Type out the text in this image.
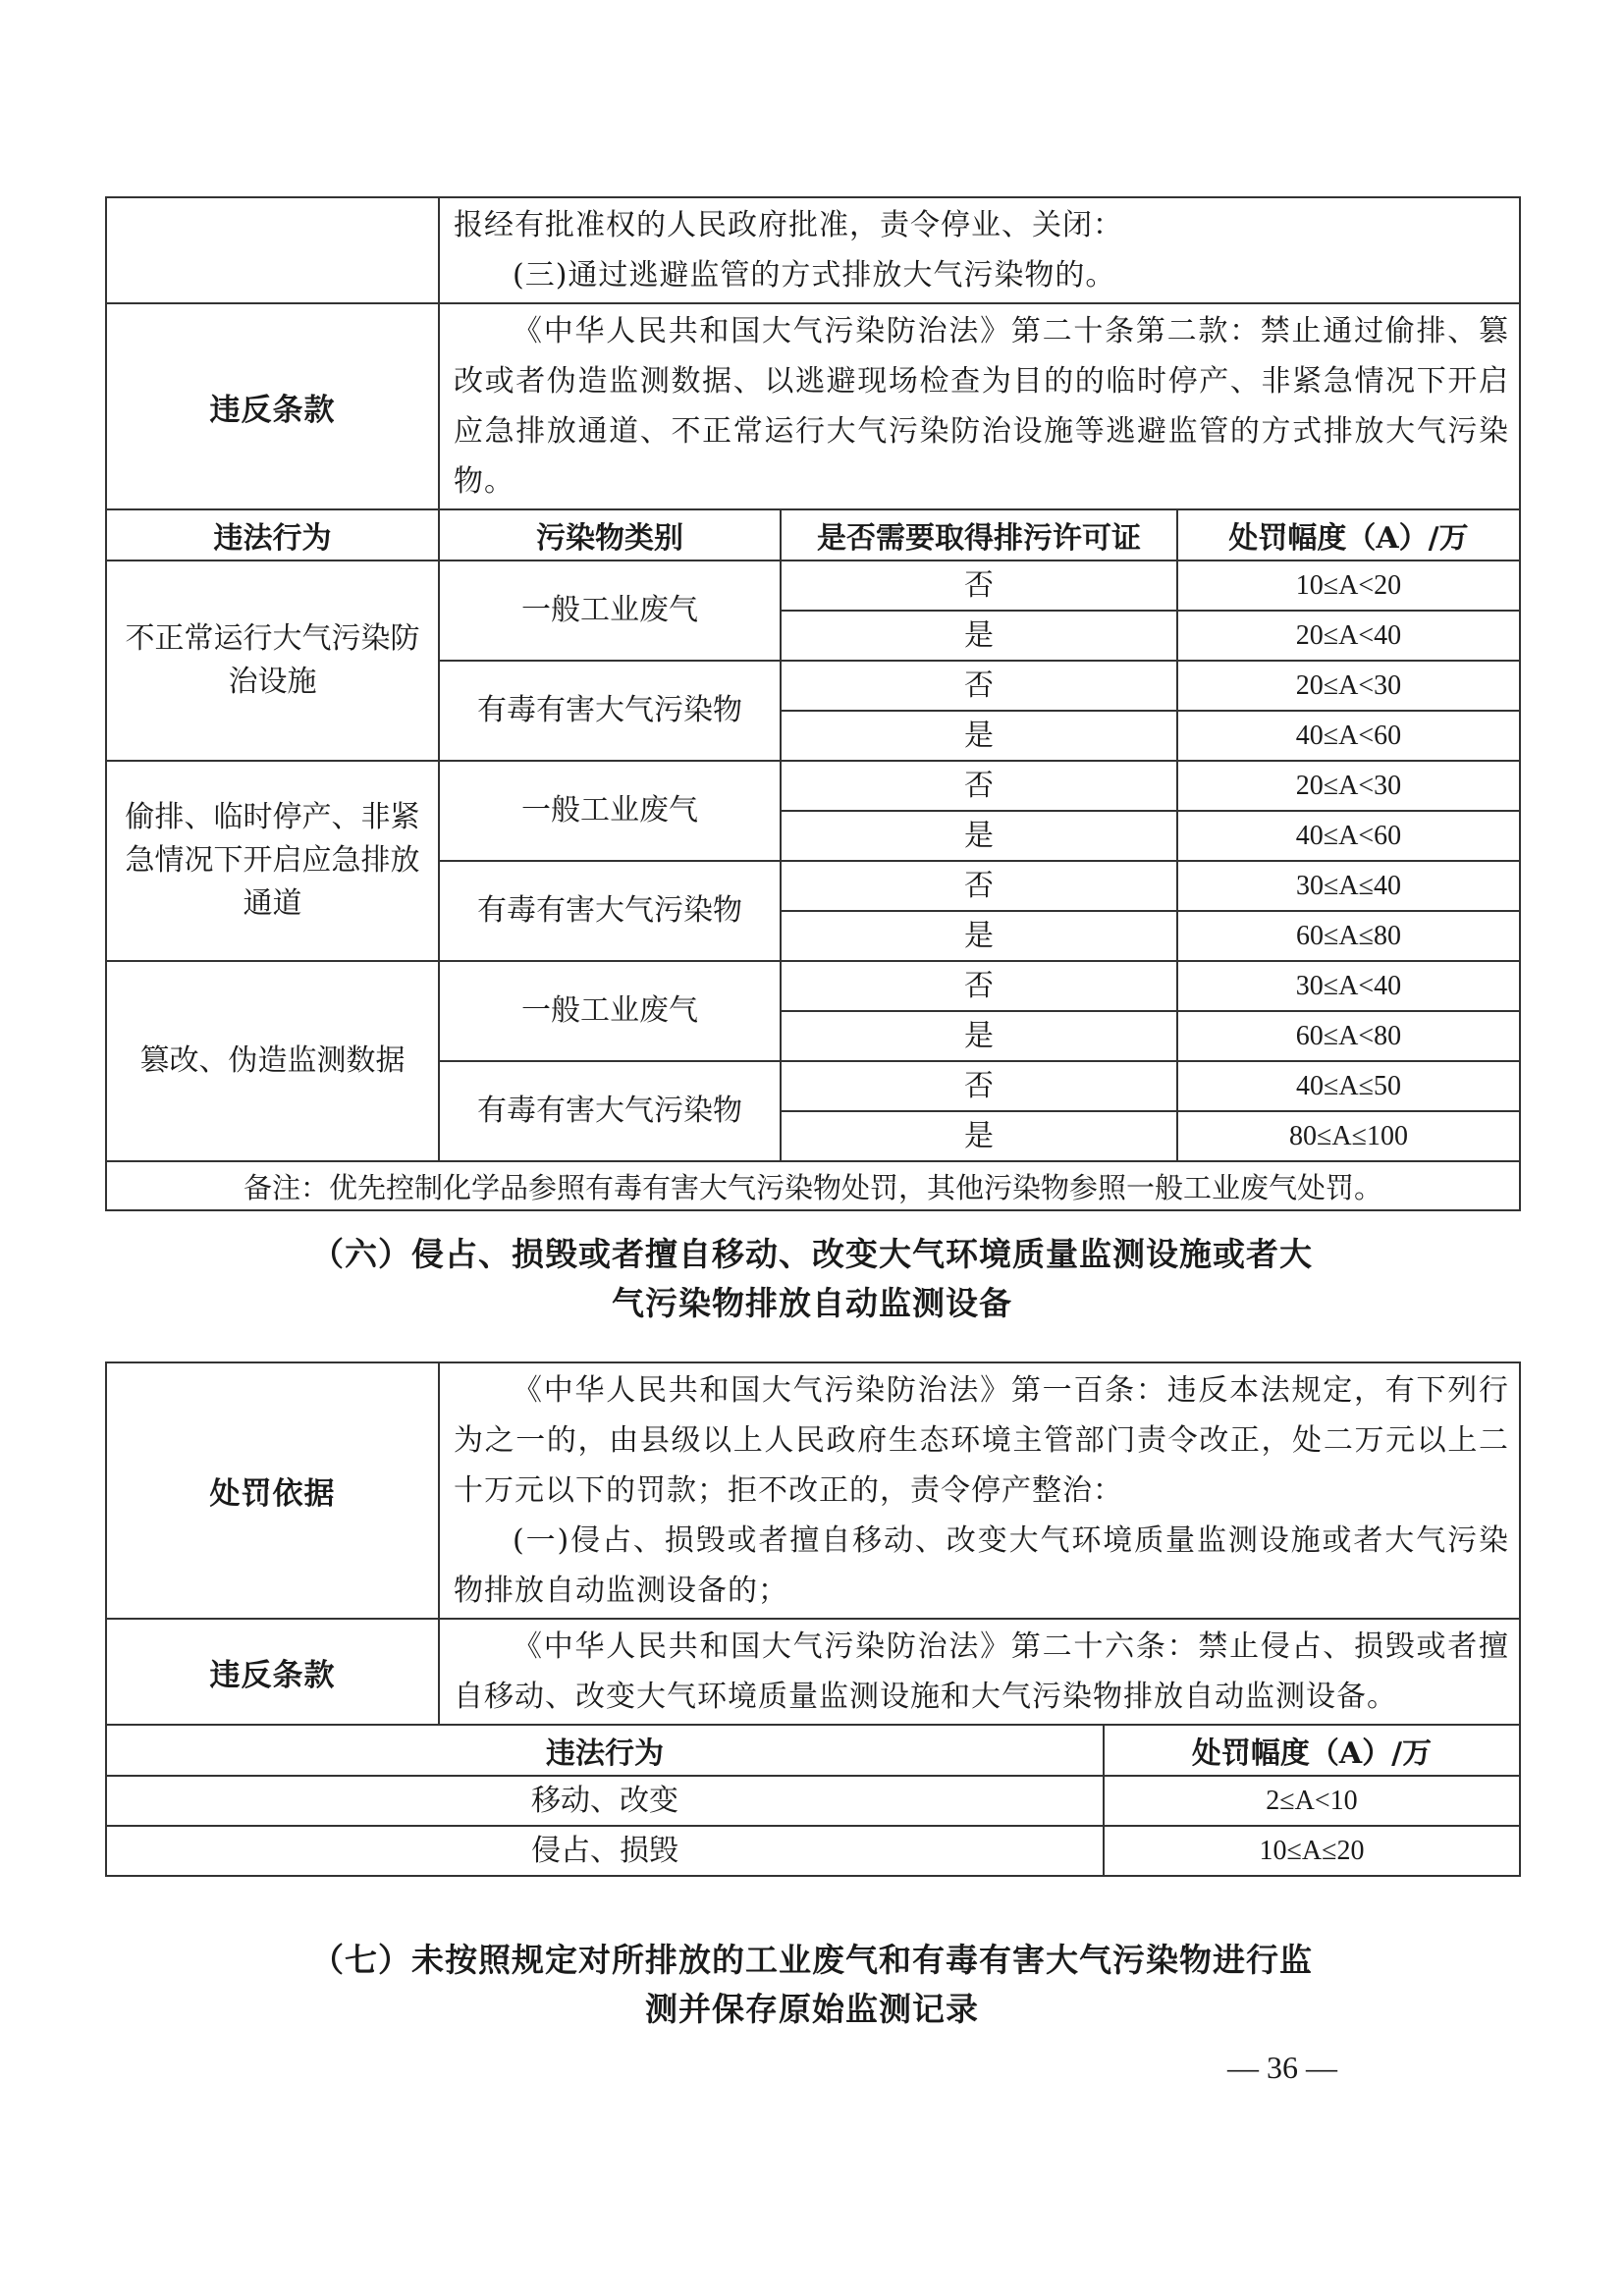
	报经有批准权的人民政府批准，责令停业、关闭：

(三)通过逃避监管的方式排放大气污染物的。		

违反条款	《中华人民共和国大气污染防治法》第二十条第二款：禁止通过偷排、篡改或者伪造监测数据、以逃避现场检查为目的的临时停产、非紧急情况下开启应急排放通道、不正常运行大气污染防治设施等逃避监管的方式排放大气污染物。		

违法行为	污染物类别	是否需要取得排污许可证	处罚幅度（A）/万
不正常运行大气污染防治设施	一般工业废气	否	10≤A<20
		是	20≤A<40
	有毒有害大气污染物	否	20≤A<30
		是	40≤A<60
偷排、临时停产、非紧急情况下开启应急排放通道	一般工业废气	否	20≤A<30
		是	40≤A<60
	有毒有害大气污染物	否	30≤A≤40
		是	60≤A≤80
篡改、伪造监测数据	一般工业废气	否	30≤A<40
		是	60≤A<80
	有毒有害大气污染物	否	40≤A≤50
		是	80≤A≤100
备注：优先控制化学品参照有毒有害大气污染物处罚，其他污染物参照一般工业废气处罚。			
（六）侵占、损毁或者擅自移动、改变大气环境质量监测设施或者大
气污染物排放自动监测设备
处罚依据	《中华人民共和国大气污染防治法》第一百条：违反本法规定，有下列行为之一的，由县级以上人民政府生态环境主管部门责令改正，处二万元以上二十万元以下的罚款；拒不改正的，责令停产整治：

(一)侵占、损毁或者擅自移动、改变大气环境质量监测设施或者大气污染物排放自动监测设备的；	

违反条款	《中华人民共和国大气污染防治法》第二十六条：禁止侵占、损毁或者擅自移动、改变大气环境质量监测设施和大气污染物排放自动监测设备。	

违法行为		处罚幅度（A）/万
移动、改变		2≤A<10
侵占、损毁		10≤A≤20
（七）未按照规定对所排放的工业废气和有毒有害大气污染物进行监
测并保存原始监测记录
— 36 —
